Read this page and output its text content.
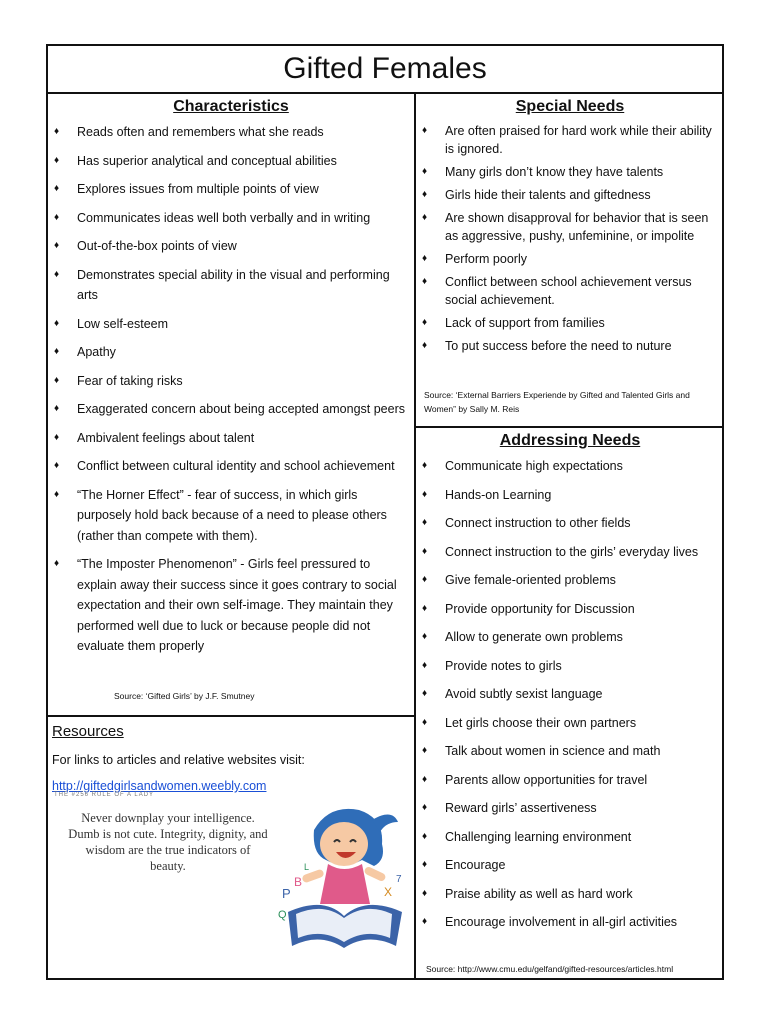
Gifted Females
Characteristics
♦ Reads often and remembers what she reads
♦ Has superior analytical and conceptual abilities
♦ Explores issues from multiple points of view
♦ Communicates ideas well both verbally and in writing
♦ Out-of-the-box points of view
♦ Demonstrates special ability in the visual and performing arts
♦ Low self-esteem
♦ Apathy
♦ Fear of taking risks
♦ Exaggerated concern about being accepted amongst peers
♦ Ambivalent feelings about talent
♦ Conflict between cultural identity and school achievement
♦ “The Horner Effect” - fear of success, in which girls purposely hold back because of a need to please others (rather than compete with them).
♦ “The Imposter Phenomenon” - Girls feel pressured to explain away their success since it goes contrary to social expectation and their own self-image. They maintain they performed well due to luck or because people did not evaluate them properly
Source: ‘Gifted Girls’ by J.F. Smutney
Special Needs
♦ Are often praised for hard work while their ability is ignored.
♦ Many girls don’t know they have talents
♦ Girls hide their talents and giftedness
♦ Are shown disapproval for behavior that is seen as aggressive, pushy, unfeminine, or impolite
♦ Perform poorly
♦ Conflict between school achievement versus social achievement.
♦ Lack of support from families
♦ To put success before the need to nuture
Source: ‘External Barriers Experiende by Gifted and Talented Girls and Women” by Sally M. Reis
Addressing Needs
♦ Communicate high expectations
♦ Hands-on Learning
♦ Connect instruction to other fields
♦ Connect instruction to the girls’ everyday lives
♦ Give female-oriented problems
♦ Provide opportunity for Discussion
♦ Allow to generate own problems
♦ Provide notes to girls
♦ Avoid subtly sexist language
♦ Let girls choose their own partners
♦ Talk about women in science and math
♦ Parents allow opportunities for travel
♦ Reward girls’ assertiveness
♦ Challenging learning environment
♦ Encourage
♦ Praise ability as well as hard work
♦ Encourage involvement in all-girl activities
Source: http://www.cmu.edu/gelfand/gifted-resources/articles.html
Resources
For links to articles and relative websites visit:
http://giftedgirlsandwomen.weebly.com
THE #256 RULE OF A LADY
Never downplay your intelligence. Dumb is not cute. Integrity, dignity, and wisdom are the true indicators of beauty.
P
B
Q
X
7
L
